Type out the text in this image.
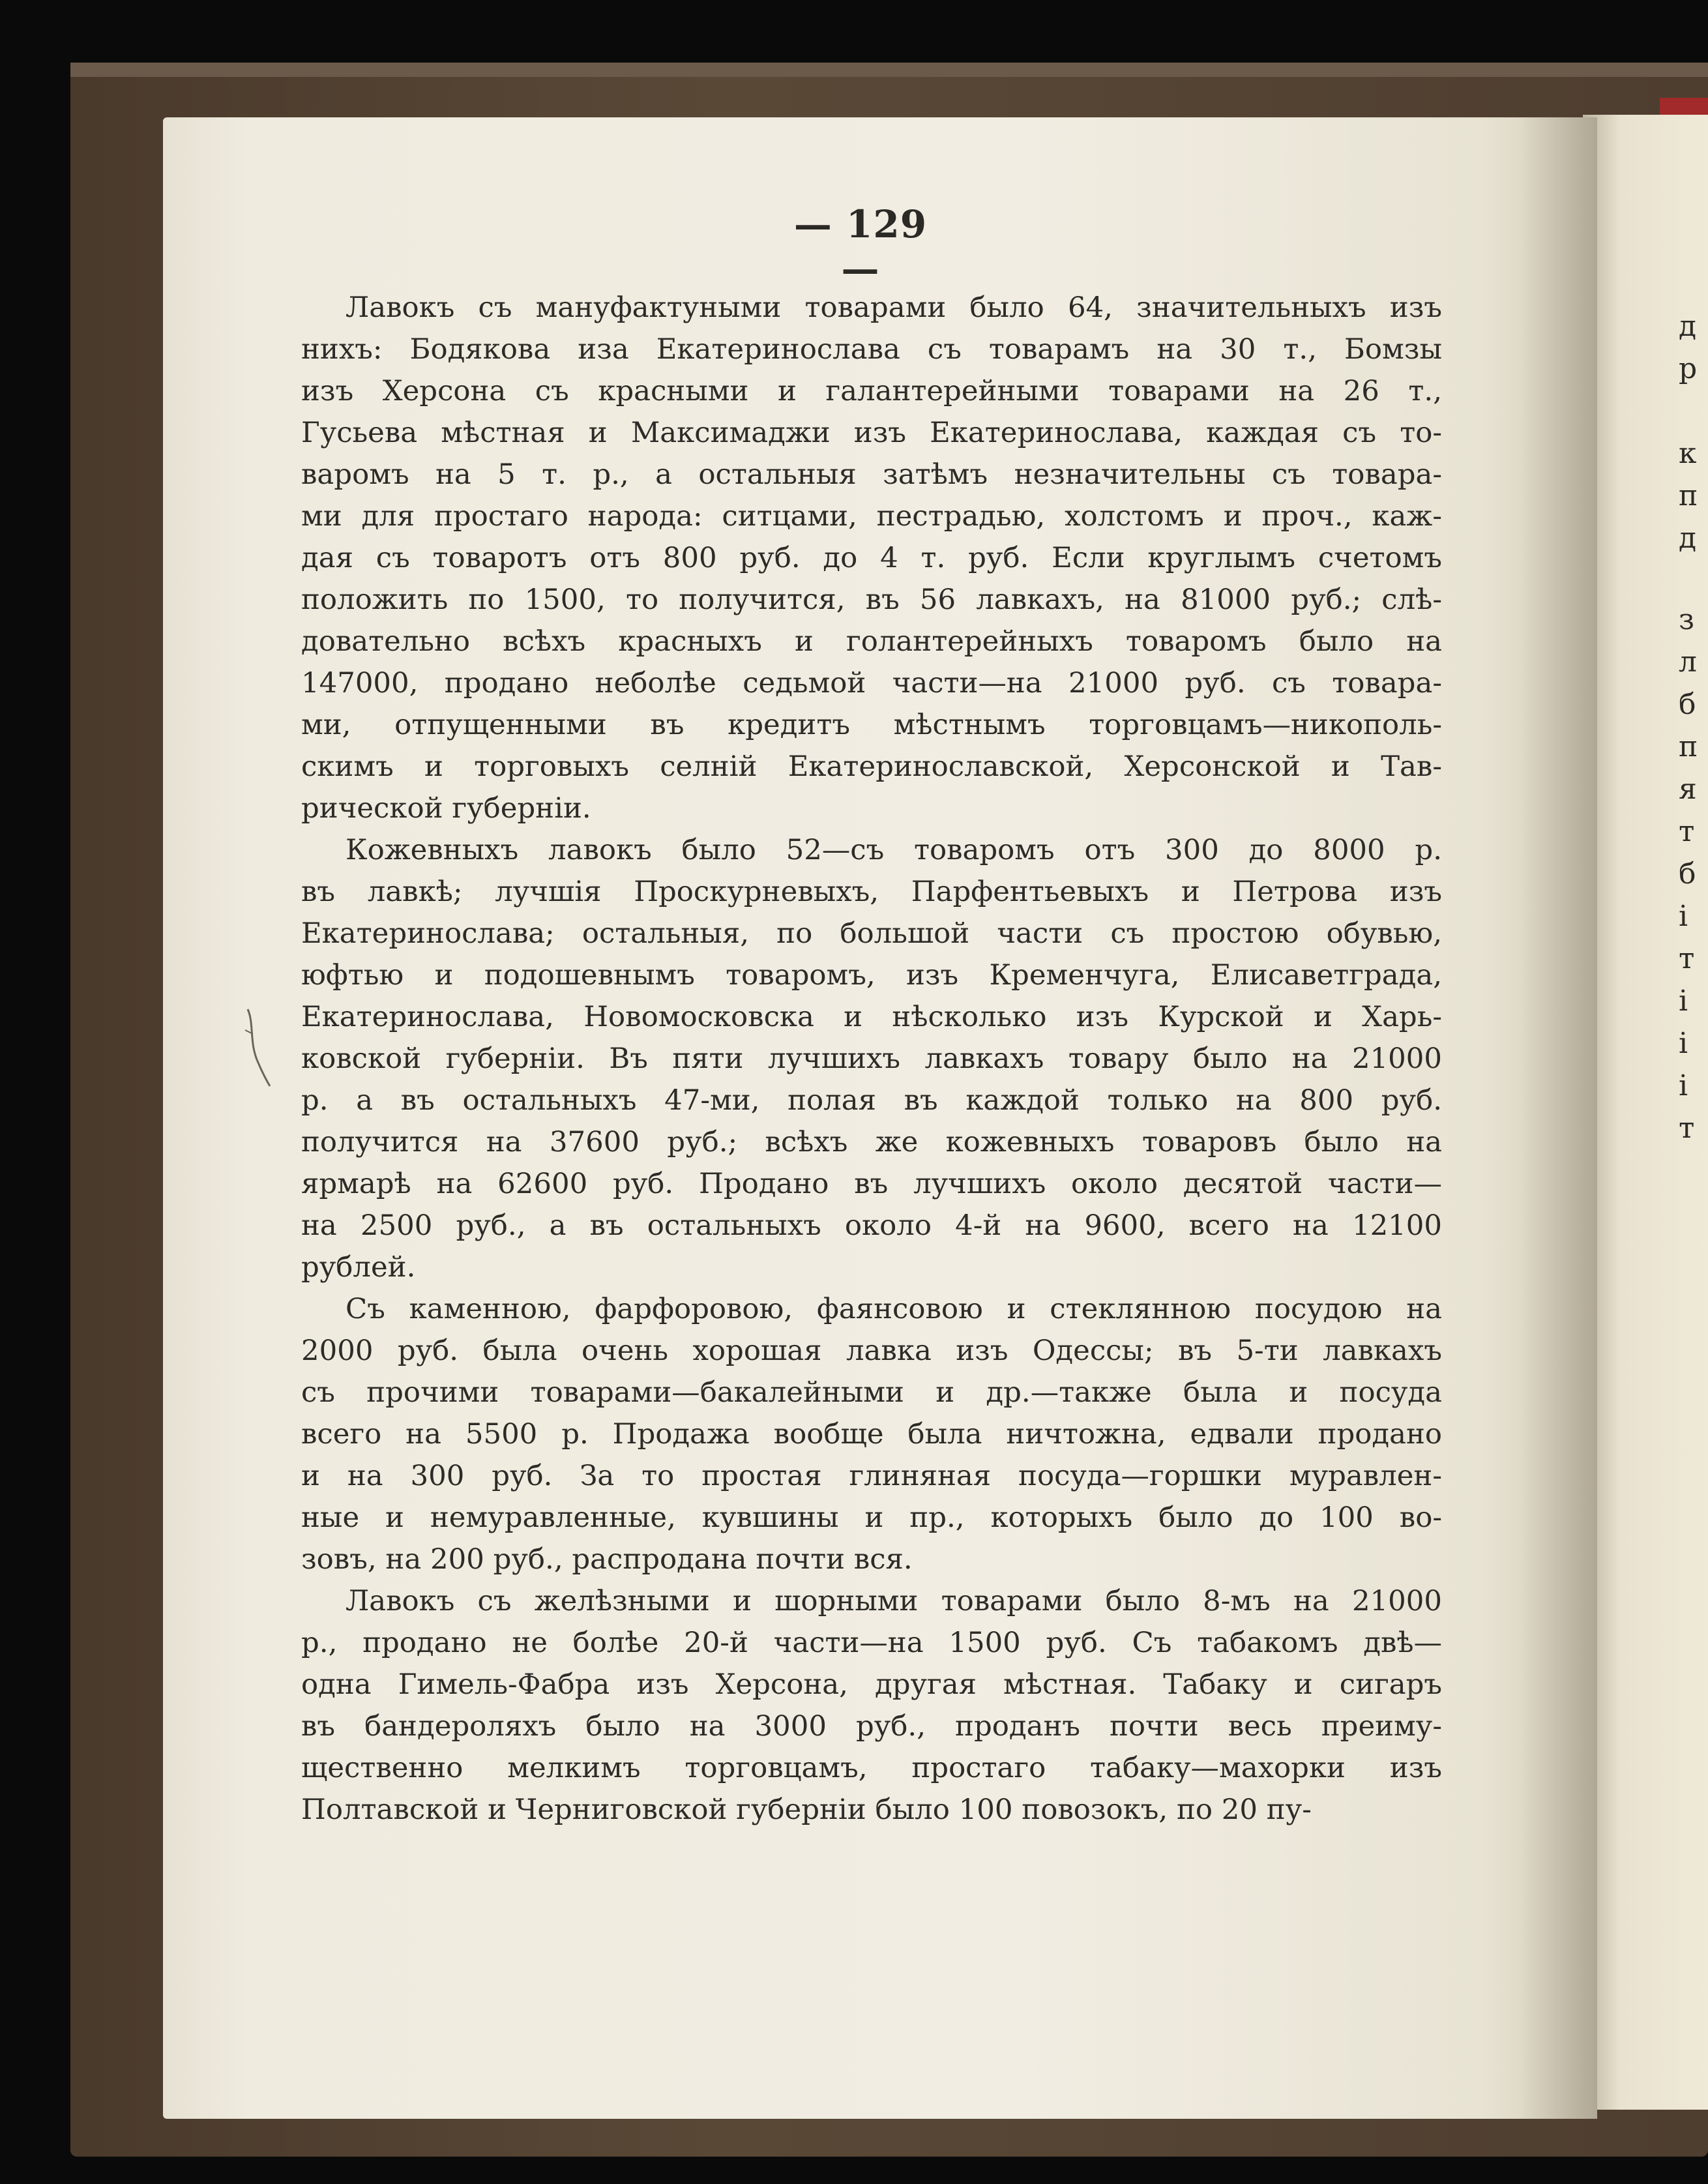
д
р
к
п
д
з
л
б
п
я
т
б
і
т
і
і
і
т
— 129 —
Лавокъ съ мануфактуными товарами было 64, значительныхъ изъ
нихъ: Бодякова иза Екатеринослава съ товарамъ на 30 т., Бомзы
изъ Херсона съ красными и галантерейными товарами на 26 т.,
Гусьева мѣстная и Максимаджи изъ Екатеринослава, каждая съ то-
варомъ на 5 т. р., а остальныя затѣмъ незначительны съ товара-
ми для простаго народа: ситцами, пестрадью, холстомъ и проч., каж-
дая съ товаротъ отъ 800 руб. до 4 т. руб. Если круглымъ счетомъ
положить по 1500, то получится, въ 56 лавкахъ, на 81000 руб.; слѣ-
довательно всѣхъ красныхъ и голантерейныхъ товаромъ было на
147000, продано неболѣе седьмой части—на 21000 руб. съ товара-
ми, отпущенными въ кредитъ мѣстнымъ торговцамъ—никополь-
скимъ и торговыхъ селній Екатеринославской, Херсонской и Тав-
рической губерніи.
Кожевныхъ лавокъ было 52—съ товаромъ отъ 300 до 8000 р.
въ лавкѣ; лучшія Проскурневыхъ, Парфентьевыхъ и Петрова изъ
Екатеринослава; остальныя, по большой части съ простою обувью,
юфтью и подошевнымъ товаромъ, изъ Кременчуга, Елисаветграда,
Екатеринослава, Новомосковска и нѣсколько изъ Курской и Харь-
ковской губерніи. Въ пяти лучшихъ лавкахъ товару было на 21000
р. а въ остальныхъ 47-ми, полая въ каждой только на 800 руб.
получится на 37600 руб.; всѣхъ же кожевныхъ товаровъ было на
ярмарѣ на 62600 руб. Продано въ лучшихъ около десятой части—
на 2500 руб., а въ остальныхъ около 4-й на 9600, всего на 12100
рублей.
Съ каменною, фарфоровою, фаянсовою и стеклянною посудою на
2000 руб. была очень хорошая лавка изъ Одессы; въ 5-ти лавкахъ
съ прочими товарами—бакалейными и др.—также была и посуда
всего на 5500 р. Продажа вообще была ничтожна, едвали продано
и на 300 руб. За то простая глиняная посуда—горшки муравлен-
ные и немуравленные, кувшины и пр., которыхъ было до 100 во-
зовъ, на 200 руб., распродана почти вся.
Лавокъ съ желѣзными и шорными товарами было 8-мъ на 21000
р., продано не болѣе 20-й части—на 1500 руб. Съ табакомъ двѣ—
одна Гимель-Фабра изъ Херсона, другая мѣстная. Табаку и сигаръ
въ бандероляхъ было на 3000 руб., проданъ почти весь преиму-
щественно мелкимъ торговцамъ, простаго табаку—махорки изъ
Полтавской и Черниговской губерніи было 100 повозокъ, по 20 пу-
